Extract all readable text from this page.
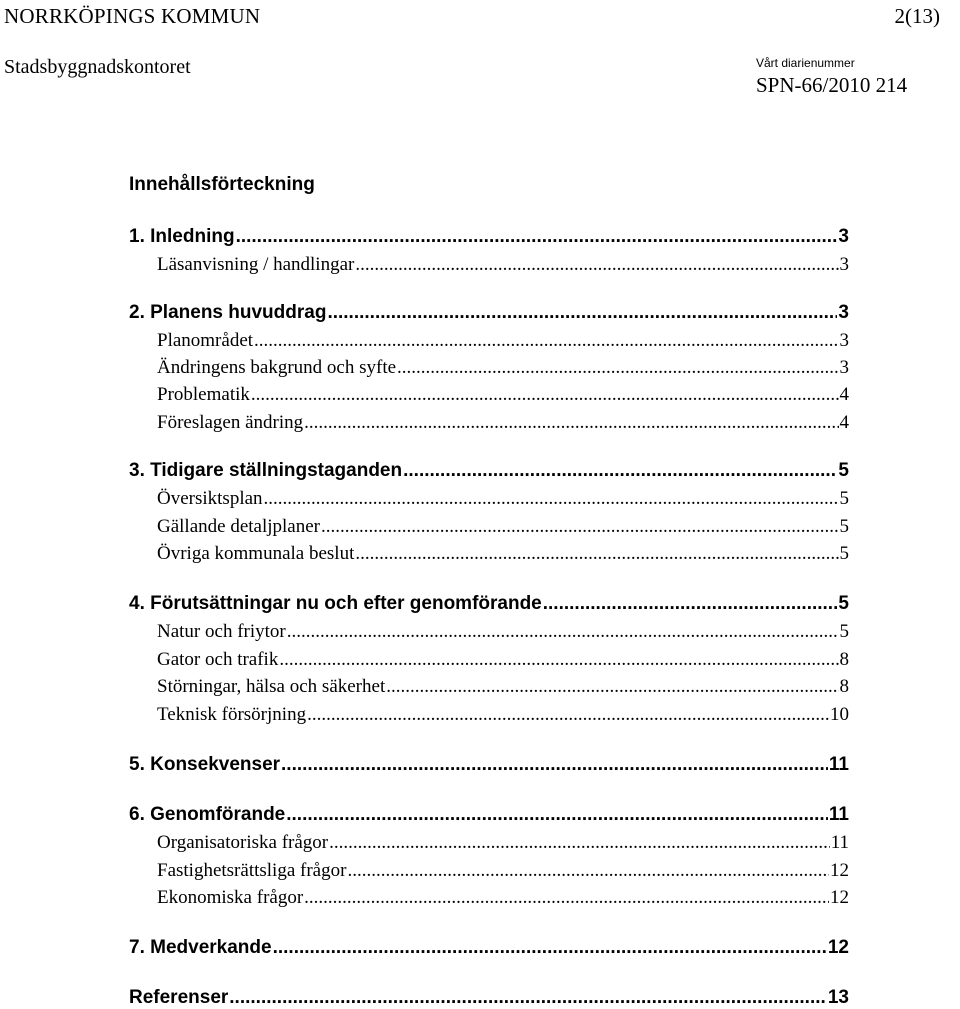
NORRKÖPINGS KOMMUN	2(13)
Stadsbyggnadskontoret	Vårt diarienummer
SPN-66/2010 214
Innehållsförteckning
1. Inledning .....	3
Läsanvisning / handlingar .....	3
2. Planens huvuddrag .....	3
Planområdet .....	3
Ändringens bakgrund och syfte .....	3
Problematik .....	4
Föreslagen ändring .....	4
3. Tidigare ställningstaganden .....	5
Översiktsplan .....	5
Gällande detaljplaner .....	5
Övriga kommunala beslut .....	5
4. Förutsättningar nu och efter genomförande .....	5
Natur och friytor .....	5
Gator och trafik .....	8
Störningar, hälsa och säkerhet .....	8
Teknisk försörjning .....	10
5. Konsekvenser .....	11
6. Genomförande .....	11
Organisatoriska frågor .....	11
Fastighetsrättsliga frågor .....	12
Ekonomiska frågor .....	12
7. Medverkande .....	12
Referenser .....	13
